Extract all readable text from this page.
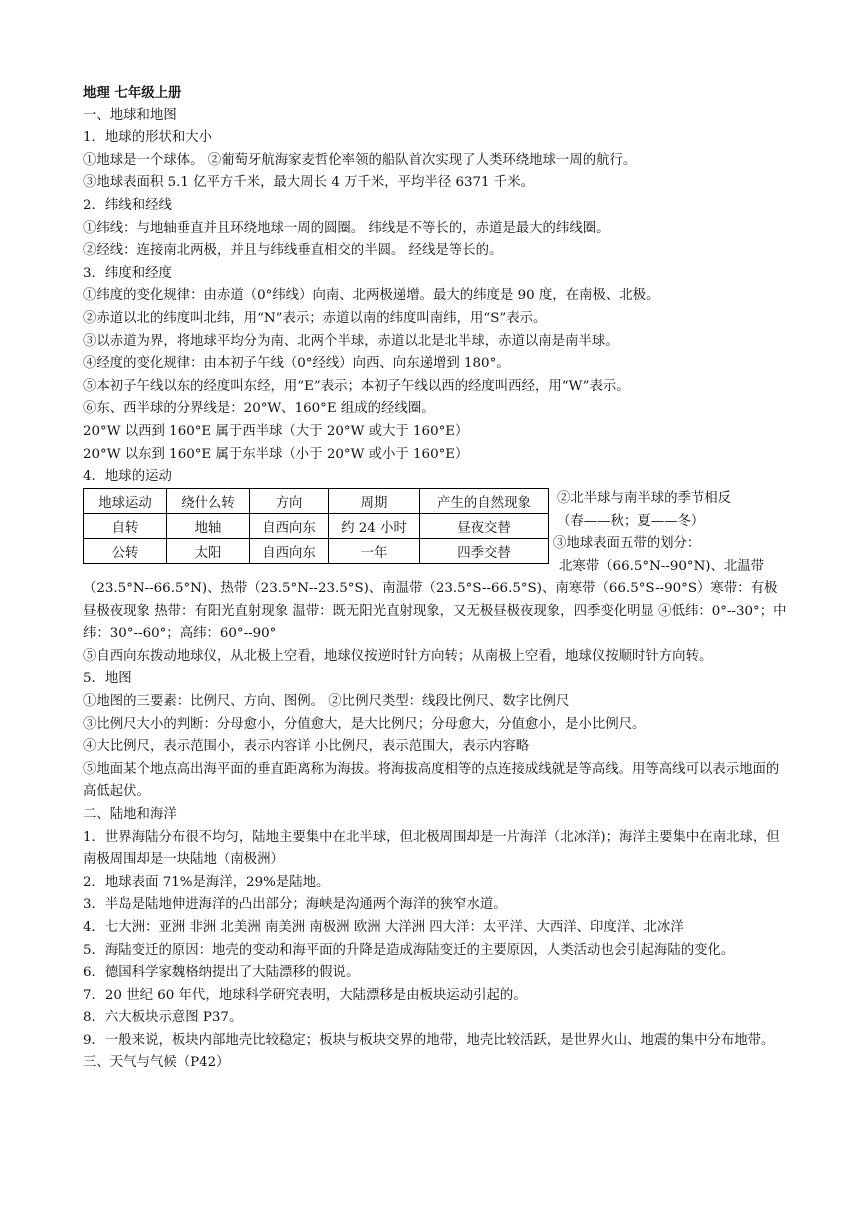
地理 七年级上册
一、地球和地图
1．地球的形状和大小
①地球是一个球体。 ②葡萄牙航海家麦哲伦率领的船队首次实现了人类环绕地球一周的航行。
③地球表面积 5.1 亿平方千米，最大周长 4 万千米，平均半径 6371 千米。
2．纬线和经线
①纬线：与地轴垂直并且环绕地球一周的圆圈。 纬线是不等长的，赤道是最大的纬线圈。
②经线：连接南北两极，并且与纬线垂直相交的半圆。 经线是等长的。
3．纬度和经度
①纬度的变化规律：由赤道（0°纬线）向南、北两极递增。最大的纬度是 90 度，在南极、北极。
②赤道以北的纬度叫北纬，用“N”表示；赤道以南的纬度叫南纬，用“S”表示。
③以赤道为界，将地球平均分为南、北两个半球，赤道以北是北半球，赤道以南是南半球。
④经度的变化规律：由本初子午线（0°经线）向西、向东递增到 180°。
⑤本初子午线以东的经度叫东经，用“E”表示；本初子午线以西的经度叫西经，用“W”表示。
⑥东、西半球的分界线是：20°W、160°E 组成的经线圈。
20°W 以西到 160°E 属于西半球（大于 20°W 或大于 160°E）
20°W 以东到 160°E 属于东半球（小于 20°W 或小于 160°E）
4．地球的运动
地球运动	绕什么转	方向	周期	产生的自然现象
自转	地轴	自西向东	约 24 小时	昼夜交替
公转	太阳	自西向东	一年	四季交替
②北半球与南半球的季节相反
（春——秋；夏——冬）
③地球表面五带的划分：
北寒带（66.5°N--90°N)、北温带
（23.5°N--66.5°N)、热带（23.5°N--23.5°S)、南温带（23.5°S--66.5°S)、南寒带（66.5°S--90°S）寒带：有极昼极夜现象 热带：有阳光直射现象 温带：既无阳光直射现象，又无极昼极夜现象，四季变化明显 ④低纬：0°--30°；中纬：30°--60°；高纬：60°--90°
⑤自西向东拨动地球仪，从北极上空看，地球仪按逆时针方向转；从南极上空看，地球仪按顺时针方向转。
5．地图
①地图的三要素：比例尺、方向、图例。 ②比例尺类型：线段比例尺、数字比例尺
③比例尺大小的判断：分母愈小，分值愈大，是大比例尺；分母愈大，分值愈小，是小比例尺。
④大比例尺，表示范围小，表示内容详 小比例尺，表示范围大，表示内容略
⑤地面某个地点高出海平面的垂直距离称为海拔。将海拔高度相等的点连接成线就是等高线。用等高线可以表示地面的高低起伏。
二、陆地和海洋
1．世界海陆分布很不均匀，陆地主要集中在北半球，但北极周围却是一片海洋（北冰洋)；海洋主要集中在南北球，但南极周围却是一块陆地（南极洲）
2．地球表面 71%是海洋，29%是陆地。
3．半岛是陆地伸进海洋的凸出部分；海峡是沟通两个海洋的狭窄水道。
4．七大洲：亚洲 非洲 北美洲 南美洲 南极洲 欧洲 大洋洲 四大洋：太平洋、大西洋、印度洋、北冰洋
5．海陆变迁的原因：地壳的变动和海平面的升降是造成海陆变迁的主要原因，人类活动也会引起海陆的变化。
6．德国科学家魏格纳提出了大陆漂移的假说。
7．20 世纪 60 年代，地球科学研究表明，大陆漂移是由板块运动引起的。
8．六大板块示意图 P37。
9．一般来说，板块内部地壳比较稳定；板块与板块交界的地带，地壳比较活跃，是世界火山、地震的集中分布地带。
三、天气与气候（P42）
